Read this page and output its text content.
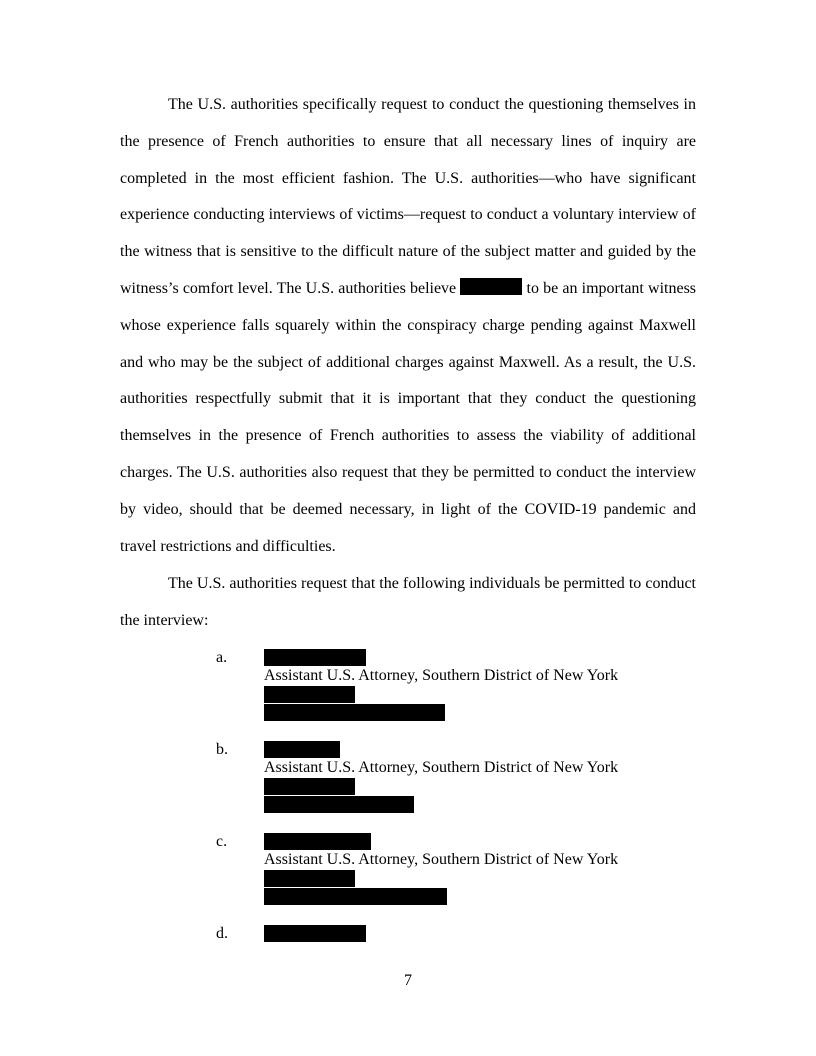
The U.S. authorities specifically request to conduct the questioning themselves in the presence of French authorities to ensure that all necessary lines of inquiry are completed in the most efficient fashion. The U.S. authorities—who have significant experience conducting interviews of victims—request to conduct a voluntary interview of the witness that is sensitive to the difficult nature of the subject matter and guided by the witness’s comfort level. The U.S. authorities believe	to be an important witness whose experience falls squarely within the conspiracy charge pending against Maxwell and who may be the subject of additional charges against Maxwell. As a result, the U.S. authorities respectfully submit that it is important that they conduct the questioning themselves in the presence of French authorities to assess the viability of additional charges. The U.S. authorities also request that they be permitted to conduct the interview by video, should that be deemed necessary, in light of the COVID-19 pandemic and travel restrictions and difficulties.

The U.S. authorities request that the following individuals be permitted to conduct the interview:

a.
Assistant U.S. Attorney, Southern District of New York
b.
Assistant U.S. Attorney, Southern District of New York
c.
Assistant U.S. Attorney, Southern District of New York
d.
7
